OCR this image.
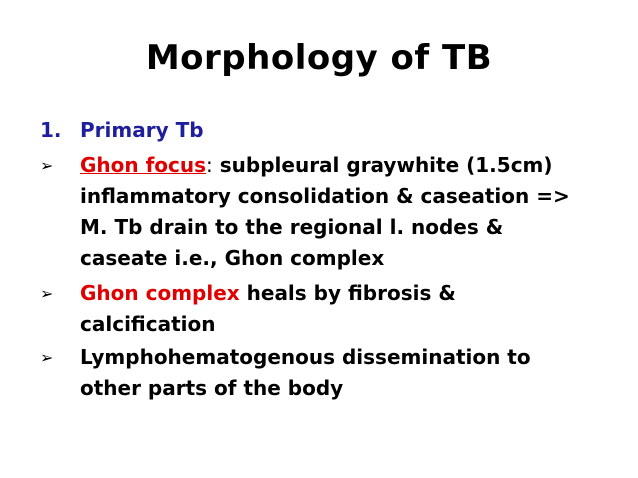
Morphology of TB
1. Primary Tb
➢ Ghon focus: subpleural graywhite (1.5cm)
inflammatory consolidation & caseation =>
M. Tb drain to the regional l. nodes &
caseate i.e., Ghon complex
➢ Ghon complex heals by fibrosis &
calcification
➢ Lymphohematogenous dissemination to
other parts of the body
